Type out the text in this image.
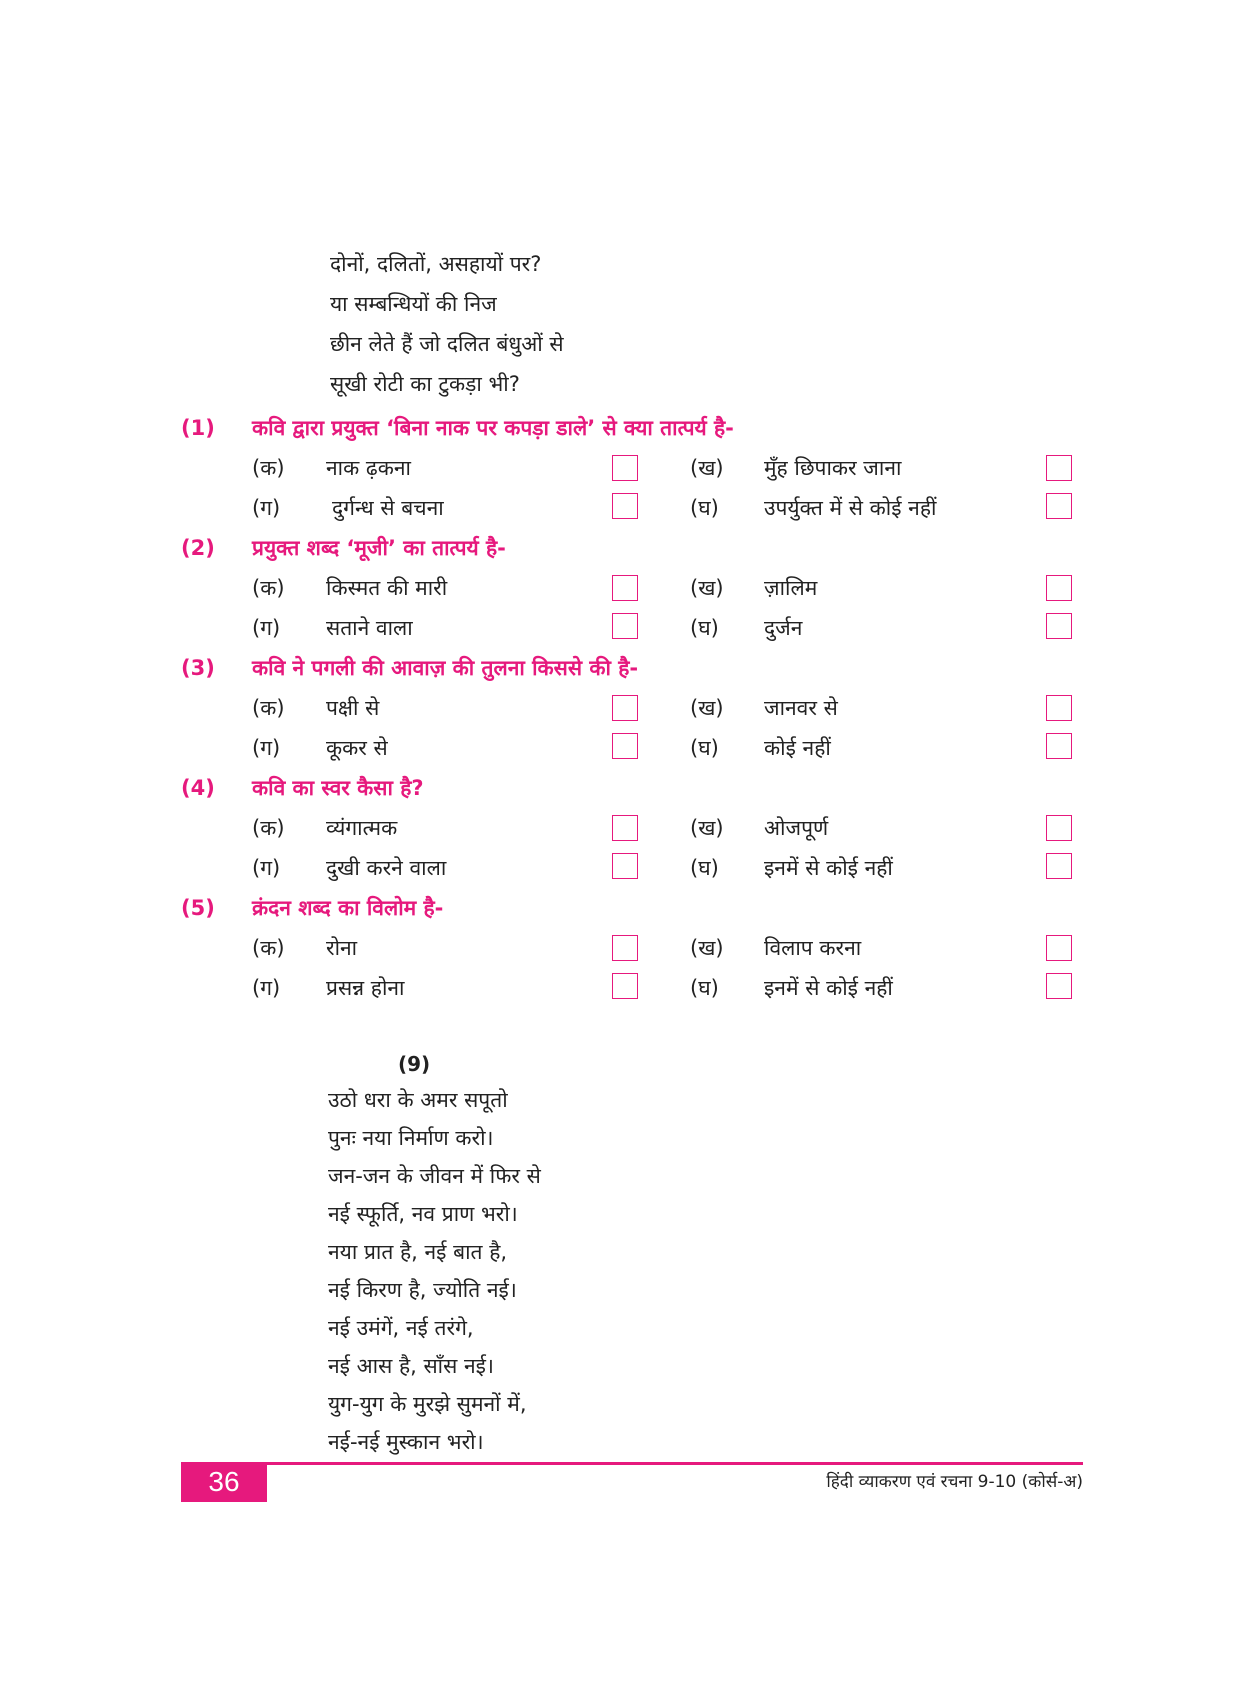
दोनों, दलितों, असहायों पर?
या सम्बन्धियों की निज
छीन लेते हैं जो दलित बंधुओं से
सूखी रोटी का टुकड़ा भी?
(1) कवि द्वारा प्रयुक्त ‘बिना नाक पर कपड़ा डाले’ से क्या तात्पर्य है-
(क) नाक ढ़कना	(ख) मुँह छिपाकर जाना
(ग) दुर्गन्ध से बचना	(घ) उपर्युक्त में से कोई नहीं
(2) प्रयुक्त शब्द ‘मूजी’ का तात्पर्य है-
(क) किस्मत की मारी	(ख) ज़ालिम
(ग) सताने वाला	(घ) दुर्जन
(3) कवि ने पगली की आवाज़ की तुलना किससे की है-
(क) पक्षी से	(ख) जानवर से
(ग) कूकर से	(घ) कोई नहीं
(4) कवि का स्वर कैसा है?
(क) व्यंगात्मक	(ख) ओजपूर्ण
(ग) दुखी करने वाला	(घ) इनमें से कोई नहीं
(5) क्रंदन शब्द का विलोम है-
(क) रोना	(ख) विलाप करना
(ग) प्रसन्न होना	(घ) इनमें से कोई नहीं
(9)
उठो धरा के अमर सपूतो
पुनः नया निर्माण करो।
जन-जन के जीवन में फिर से
नई स्फूर्ति, नव प्राण भरो।
नया प्रात है, नई बात है,
नई किरण है, ज्योति नई।
नई उमंगें, नई तरंगे,
नई आस है, साँस नई।
युग-युग के मुरझे सुमनों में,
नई-नई मुस्कान भरो।
36	हिंदी व्याकरण एवं रचना 9-10 (कोर्स-अ)
